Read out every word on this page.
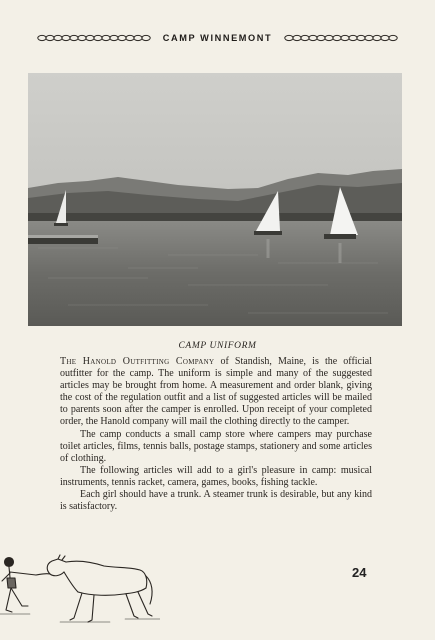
CAMP WINNEMONT
CAMP UNIFORM

The Hanold Outfitting Company of Standish, Maine, is the official outfitter for the camp. The uniform is simple and many of the suggested articles may be brought from home. A measurement and order blank, giving the cost of the regulation outfit and a list of suggested articles will be mailed to parents soon after the camper is enrolled. Upon receipt of your completed order, the Hanold company will mail the clothing directly to the camper.

The camp conducts a small camp store where campers may purchase toilet articles, films, tennis balls, postage stamps, stationery and some articles of clothing.

The following articles will add to a girl's pleasure in camp: musical instruments, tennis racket, camera, games, books, fishing tackle.

Each girl should have a trunk. A steamer trunk is desirable, but any kind is satisfactory.

24
